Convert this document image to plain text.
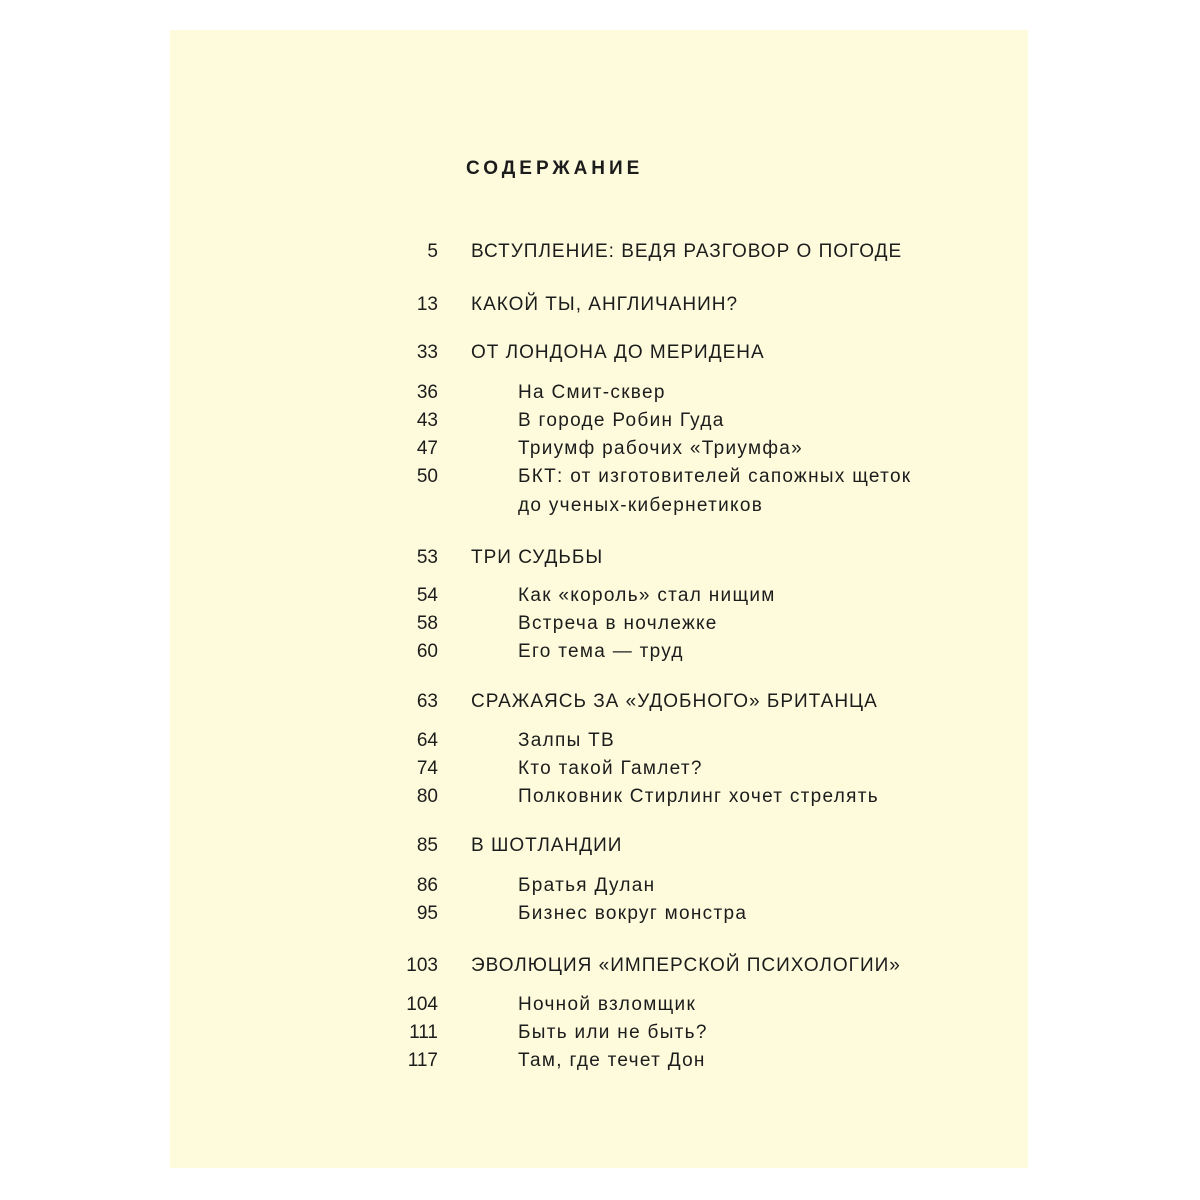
СОДЕРЖАНИЕ
5 ВСТУПЛЕНИЕ: ВЕДЯ РАЗГОВОР О ПОГОДЕ
13 КАКОЙ ТЫ, АНГЛИЧАНИН?
33 ОТ ЛОНДОНА ДО МЕРИДЕНА
36	На Смит-сквер
43	В городе Робин Гуда
47	Триумф рабочих «Триумфа»
50	БКТ: от изготовителей сапожных щеток
до ученых-кибернетиков
53 ТРИ СУДЬБЫ
54	Как «король» стал нищим
58	Встреча в ночлежке
60	Его тема — труд
63 СРАЖАЯСЬ ЗА «УДОБНОГО» БРИТАНЦА
64	Залпы ТВ
74	Кто такой Гамлет?
80	Полковник Стирлинг хочет стрелять
85 В ШОТЛАНДИИ
86	Братья Дулан
95	Бизнес вокруг монстра
103 ЭВОЛЮЦИЯ «ИМПЕРСКОЙ ПСИХОЛОГИИ»
104	Ночной взломщик
111	Быть или не быть?
117	Там, где течет Дон
